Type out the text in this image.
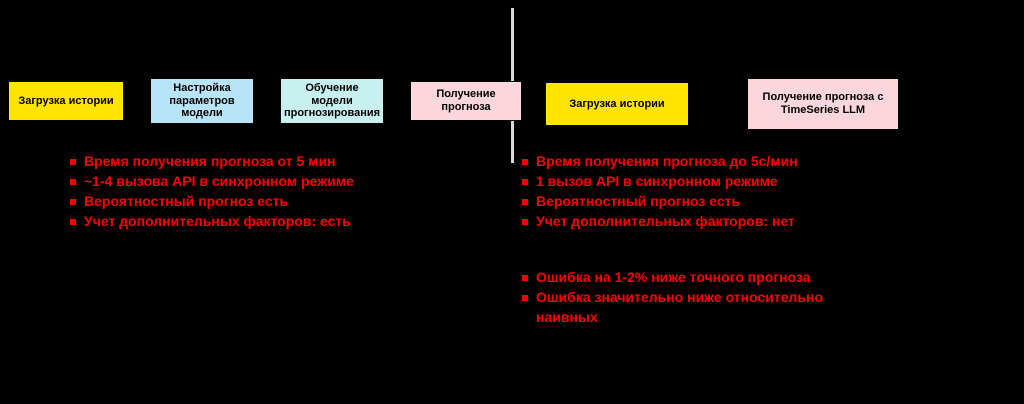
Загрузка истории
Настройка параметров модели
Обучение модели прогнозирования
Получение прогноза	Загрузка истории
Получение прогноза с TimeSeries LLM
Время получения прогноза от 5 мин
~1-4 вызова API в синхронном режиме
Вероятностный прогноз есть
Учет дополнительных факторов: есть
Время получения прогноза до 5с/мин
1 вызов API в синхронном режиме
Вероятностный прогноз есть
Учет дополнительных факторов: нет
Ошибка на 1-2% ниже точного прогноза
Ошибка значительно ниже относительно наивных
